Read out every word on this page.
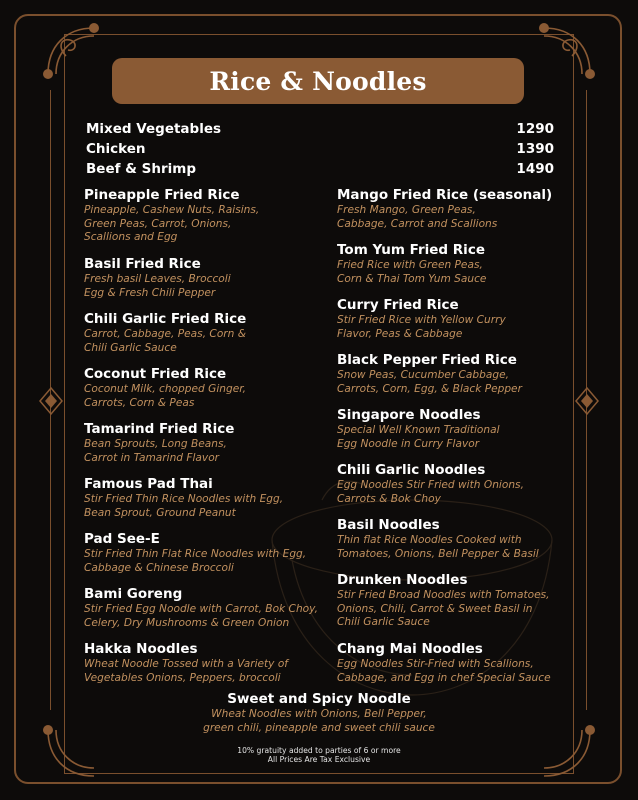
Rice & Noodles
Mixed Vegetables	1290
Chicken	1390
Beef & Shrimp	1490
Pineapple Fried Rice
Pineapple, Cashew Nuts, Raisins,
Green Peas, Carrot, Onions,
Scallions and Egg
Basil Fried Rice
Fresh basil Leaves, Broccoli
Egg & Fresh Chili Pepper
Chili Garlic Fried Rice
Carrot, Cabbage, Peas, Corn &
Chili Garlic Sauce
Coconut Fried Rice
Coconut Milk, chopped Ginger,
Carrots, Corn & Peas
Tamarind Fried Rice
Bean Sprouts, Long Beans,
Carrot in Tamarind Flavor
Famous Pad Thai
Stir Fried Thin Rice Noodles with Egg,
Bean Sprout, Ground Peanut
Pad See-E
Stir Fried Thin Flat Rice Noodles with Egg,
Cabbage & Chinese Broccoli
Bami Goreng
Stir Fried Egg Noodle with Carrot, Bok Choy,
Celery, Dry Mushrooms & Green Onion
Hakka Noodles
Wheat Noodle Tossed with a Variety of
Vegetables Onions, Peppers, broccoli
Mango Fried Rice (seasonal)
Fresh Mango, Green Peas,
Cabbage, Carrot and Scallions
Tom Yum Fried Rice
Fried Rice with Green Peas,
Corn & Thai Tom Yum Sauce
Curry Fried Rice
Stir Fried Rice with Yellow Curry
Flavor, Peas & Cabbage
Black Pepper Fried Rice
Snow Peas, Cucumber Cabbage,
Carrots, Corn, Egg, & Black Pepper
Singapore Noodles
Special Well Known Traditional
Egg Noodle in Curry Flavor
Chili Garlic Noodles
Egg Noodles Stir Fried with Onions,
Carrots & Bok Choy
Basil Noodles
Thin flat Rice Noodles Cooked with
Tomatoes, Onions, Bell Pepper & Basil
Drunken Noodles
Stir Fried Broad Noodles with Tomatoes,
Onions, Chili, Carrot & Sweet Basil in
Chili Garlic Sauce
Chang Mai Noodles
Egg Noodles Stir-Fried with Scallions,
Cabbage, and Egg in chef Special Sauce
Sweet and Spicy Noodle
Wheat Noodles with Onions, Bell Pepper,
green chili, pineapple and sweet chili sauce
10% gratuity added to parties of 6 or more
All Prices Are Tax Exclusive
